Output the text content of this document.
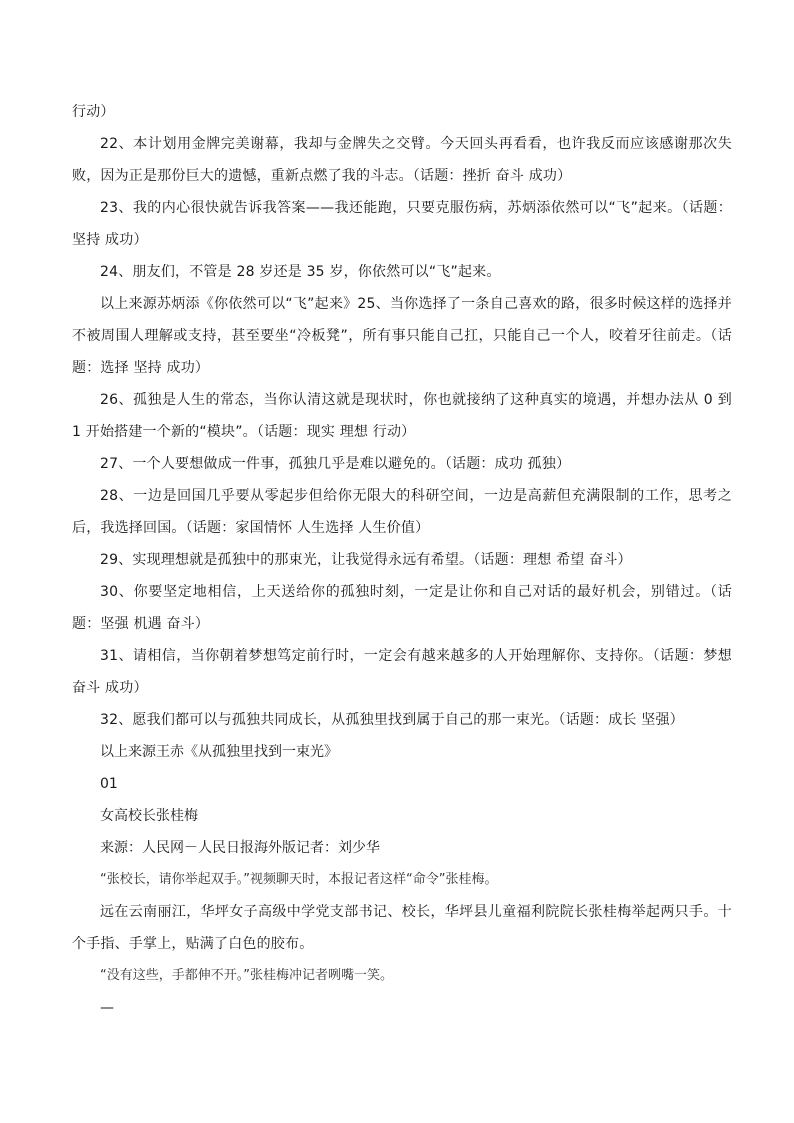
行动）

22、本计划用金牌完美谢幕，我却与金牌失之交臂。今天回头再看看，也许我反而应该感谢那次失败，因为正是那份巨大的遗憾，重新点燃了我的斗志。（话题：挫折 奋斗 成功）

23、我的内心很快就告诉我答案——我还能跑，只要克服伤病，苏炳添依然可以“飞”起来。（话题：坚持 成功）

24、朋友们，不管是 28 岁还是 35 岁，你依然可以“飞”起来。

以上来源苏炳添《你依然可以“飞”起来》25、当你选择了一条自己喜欢的路，很多时候这样的选择并不被周围人理解或支持，甚至要坐“冷板凳”，所有事只能自己扛，只能自己一个人，咬着牙往前走。（话题：选择 坚持 成功）

26、孤独是人生的常态，当你认清这就是现状时，你也就接纳了这种真实的境遇，并想办法从 0 到 1 开始搭建一个新的“模块”。（话题：现实 理想 行动）

27、一个人要想做成一件事，孤独几乎是难以避免的。（话题：成功 孤独）

28、一边是回国几乎要从零起步但给你无限大的科研空间，一边是高薪但充满限制的工作，思考之后，我选择回国。（话题：家国情怀 人生选择 人生价值）

29、实现理想就是孤独中的那束光，让我觉得永远有希望。（话题：理想 希望 奋斗）

30、你要坚定地相信，上天送给你的孤独时刻，一定是让你和自己对话的最好机会，别错过。（话题：坚强 机遇 奋斗）

31、请相信，当你朝着梦想笃定前行时，一定会有越来越多的人开始理解你、支持你。（话题：梦想 奋斗 成功）

32、愿我们都可以与孤独共同成长，从孤独里找到属于自己的那一束光。（话题：成长 坚强）

以上来源王赤《从孤独里找到一束光》

01

女高校长张桂梅

来源：人民网－人民日报海外版记者：刘少华

“张校长，请你举起双手。”视频聊天时，本报记者这样“命令”张桂梅。

远在云南丽江，华坪女子高级中学党支部书记、校长，华坪县儿童福利院院长张桂梅举起两只手。十个手指、手掌上，贴满了白色的胶布。

“没有这些，手都伸不开。”张桂梅冲记者咧嘴一笑。

—
